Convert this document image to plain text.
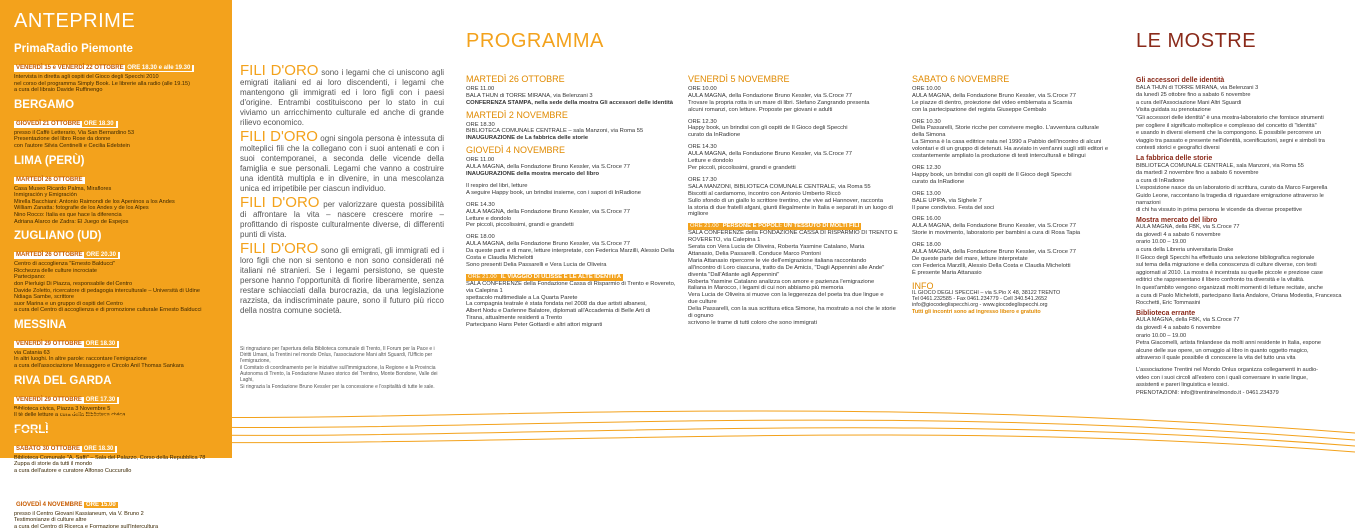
ANTEPRIME
PrimaRadio Piemonte
VENERDÌ 15 e VENERDÌ 22 OTTOBRE ORE 18.30 e alle 19.30
Intervista in diretta agli ospiti del Gioco degli Specchi 2010
nel corso del programma Simply Book. Le librerie alla radio (alle 19.15)
a cura del libraio Davide Ruffinengo
BERGAMO
GIOVEDÌ 21 OTTOBRE ORE 18.30
presso il Caffè Letterario, Via San Bernardino 53
Presentazione del libro Rose da donne
con l'autore Silvia Centinelli e Cecilia Edelstein
LIMA (PERÙ)
MARTEDÌ 26 OTTOBRE
Casa Museo Ricardo Palma, Miraflores
Inmigración y Emigración
Mirella Bacchiani: Antonio Raimondi de los Apeninos a los Andes
William Zanatta: fotografie de los Andes y de los Alpes
Nino Rocco: Italia es que hace la diferencia
Adriana Alarco de Zadra: El Juego de Espejos
ZUGLIANO (UD)
MARTEDÌ 26 OTTOBRE ORE 20.30
Centro di accoglienza "Ernesto Balducci"
Ricchezza delle culture incrociate
Partecipano:
don Pierluigi Di Piazza, responsabile del Centro
Davide Zoletto, ricercatore di pedagogia interculturale – Università di Udine
Ndiaga Sambe, scrittore
suor Marina e un gruppo di ospiti del Centro
a cura del Centro di accoglienza e di promozione culturale Ernesto Balducci
MESSINA
VENERDÌ 29 OTTOBRE ORE 18.30
via Catania 63
In altri luoghi. In altre parole: raccontare l'emigrazione
a cura dell'associazione Messaggero e Circolo Anil Thomas Sankara
RIVA DEL GARDA
VENERDÌ 29 OTTOBRE ORE 17.30
Biblioteca civica, Piazza 3 Novembre 5
Il tè delle letture a cura della Biblioteca civica
FORLÌ
SABATO 30 OTTOBRE ORE 18.30
Biblioteca Comunale "A. Saffi" – Sala del Palazzo, Corso della Repubblica 78
Zuppa di storie da tutti il mondo
a cura dell'autore e curatore Alfonso Cuccurullo
BRESSANONE (BZ)
GIOVEDÌ 4 NOVEMBRE ORE 15.00
presso il Centro Giovani Kassianeum, via V. Bruno 2
Testimonianze di culture altre
a cura del Centro di Ricerca e Formazione sull'Intercultura

FILI D'ORO sono i legami che ci uniscono agli emigrati italiani ed ai loro discendenti, i legami che mantengono gli immigrati ed i loro figli con i paesi d'origine. Entrambi costituiscono per lo stato in cui viviamo un arricchimento culturale ed anche di grande rilievo economico.

FILI D'ORO ogni singola persona è intessuta di molteplici fili che la collegano con i suoi antenati e con i suoi contemporanei, a seconda delle vicende della famiglia e sue personali. Legami che vanno a costruire una identità multipla e in divenire, in una mescolanza unica ed irripetibile per ciascun individuo.

FILI D'ORO per valorizzare questa possibilità di affrontare la vita – nascere crescere morire – profittando di risposte culturalmente diverse, di differenti punti di vista.

FILI D'ORO sono gli emigrati, gli immigrati ed i loro figli che non si sentono e non sono considerati né italiani né stranieri. Se i legami persistono, se queste persone hanno l'opportunità di fiorire liberamente, senza restare schiacciati dalla burocrazia, da una legislazione razzista, da indiscriminate paure, sono il futuro più ricco della nostra comune società.

Si ringraziano per l'apertura della Biblioteca comunale di Trento, Il Forum per la Pace e i Diritti Umani, la Trentini nel mondo Onlus, l'associazione Mani altri Sguardi, l'Ufficio per l'emigrazione,

il Comitato di coordinamento per le iniziative sull'immigrazione, la Regione e la Provincia Autonoma di Trento, la Fondazione Museo storico del Trentino, Monte Bondone, Valle dei Laghi,

Si ringrazia la Fondazione Bruno Kessler per la concessione e l'ospitalità di tutte le sale.

PROGRAMMA
MARTEDÌ 26 OTTOBRE
ORE 11.00
BALA THUN di TORRE MIRANA, via Belenzani 3
CONFERENZA STAMPA, nella sede della mostra Gli accessori delle identità
MARTEDÌ 2 NOVEMBRE
ORE 18.30
BIBLIOTECA COMUNALE CENTRALE – sala Manzoni, via Roma 55
INAUGURAZIONE de La fabbrica delle storie
GIOVEDÌ 4 NOVEMBRE
ORE 11.00
AULA MAGNA, della Fondazione Bruno Kessler, via S.Croce 77
INAUGURAZIONE della mostra mercato del libro
Il respiro del libri, letture
A seguire Happy book, un brindisi insieme, con i sapori di InRadione
ORE 14.30
AULA MAGNA, della Fondazione Bruno Kessler, via S.Croce 77
Letture e dondolo
Per piccoli, piccolissimi, grandi e grandetti
ORE 18.00
AULA MAGNA, della Fondazione Bruno Kessler, via S.Croce 77
Da queste parti e di mare, letture interpretate, con Federica Marzilli, Alessio Della Costa e Claudia Michelotti
Sono presenti Delia Passarelli e Vera Lucia de Oliveira
ORE 21.00 IL VIAGGIO DI ULISSE E LE ALTE IDENTITÀ
SALA CONFERENZE della Fondazione Cassa di Risparmio di Trento e Rovereto, via Calepina 1
spettacolo multimediale a La Quarta Parete
La compagnia teatrale è stata fondata nel 2008 da due artisti albanesi,
Albert Nodu e Darlenne Balatore, diplomati all'Accademia di Belle Arti di
Tirana, attualmente residenti a Trento
Partecipano Hans Peter Gottardi e altri attori migranti
VENERDÌ 5 NOVEMBRE
ORE 10.00
AULA MAGNA, della Fondazione Bruno Kessler, via S.Croce 77
Trovare la propria rotta in un mare di libri. Stefano Zangrando presenta
alcuni romanzi, con letture. Proposte per giovani e adulti
ORE 12.30
Happy book, un brindisi con gli ospiti de Il Gioco degli Specchi
curato da InRadione
ORE 14.30
AULA MAGNA, della Fondazione Bruno Kessler, via S.Croce 77
Letture e dondolo
Per piccoli, piccolissimi, grandi e grandetti
ORE 17.30
SALA MANZONI, BIBLIOTECA COMUNALE CENTRALE, via Roma 55
Biscotti al cardamomo, incontro con Antonio Umberto Riccò
Sullo sfondo di un giallo lo scrittore trentino, che vive ad Hannover, racconta
la storia di due fratelli afgani, giunti illegalmente in Italia e separati in un luogo di
migliore
ORE 21.00 PERSONE E POPOLI: UN TESSUTO DI MOLTI FILI
SALA CONFERENZE della FONDAZIONE CASSA DI RISPARMIO DI TRENTO E
ROVERETO, via Calepina 1
Serata con Vera Lucia de Oliveira, Roberta Yasmine Catalano, Maria
Attanasio, Delia Passarelli. Conduce Marco Pontoni
Maria Attanasio ripercorre le vie dell'emigrazione italiana raccontando
all'incontro di Loro ciascuna, tratto da De Amicis, "Dagli Appennini alle Ande"
diventa "Dall'Atlante agli Appennini"
Roberta Yasmine Catalano analizza con amore e pazienza l'emigrazione
italiana in Marocco, i legami di cui non abbiamo più memoria
Vera Lucia de Oliveira si muove con la leggerezza del poeta tra due lingue e
due culture
Delia Passarelli, con la sua scrittura etica Simone, ha mostrato a noi che le storie di ognuno
scrivono le trame di tutti coloro che sono immigrati
SABATO 6 NOVEMBRE
ORE 10.00
AULA MAGNA, della Fondazione Bruno Kessler, via S.Croce 77
Le piazze di dentro, proiezione del video emblemata a Scarnia
con la partecipazione del regista Giuseppe Cembalo
ORE 10.30
Delia Passarelli, Storie ricche per convivere meglio. L'avventura culturale
della Simona
La Simona è la casa editrice nata nel 1990 a Pabbio dell'incontro di alcuni
volontari e di un gruppo di detenuti. Ha avviato in vent'anni sugli stili editori e
costantemente ampliato la produzione di testi interculturali e bilingui
ORE 12.30
Happy book, un brindisi con gli ospiti de Il Gioco degli Specchi
curato da InRadione
ORE 13.00
BALE UPIPA, via Sighele 7
Il pane condiviso. Festa del soci
ORE 16.00
AULA MAGNA, della Fondazione Bruno Kessler, via S.Croce 77
Storie in movimento, laboratorio per bambini a cura di Rosa Tapia
ORE 18.00
AULA MAGNA, della Fondazione Bruno Kessler, via S.Croce 77
De queste parte del mare, letture interpretate
con Federica Marzilli, Alessio Della Costa e Claudia Michelotti
È presente Maria Attanasio
INFO
IL GIOCO DEGLI SPECCHI – via S.Pio X 48, 38122 TRENTO
Tel 0461.232585 - Fax 0461.234779 - Cell 340.541.2652
info@giocodeglispecchi.org - www.giocodeglispecchi.org
Tutti gli incontri sono ad ingresso libero e gratuito
LE MOSTRE
Gli accessori delle identità

BALA THUN di TORRE MIRANA, via Belenzani 3

da lunedì 25 ottobre fino a sabato 6 novembre

a cura dell'Associazione Mani Altri Sguardi

Visita guidata su prenotazione

"Gli accessori delle identità" è una mostra-laboratorio che fornisce strumenti

per cogliere il significato molteplice e complesso del concetto di "identità"

e usando in diversi elementi che la compongono. È possibile percorrere un

viaggio tra passato e presente nell'identità, scenificazioni, segni e simboli tra

contesti storici e geografici diversi

La fabbrica delle storie

BIBLIOTECA COMUNALE CENTRALE, sala Manzoni, via Roma 55

da martedì 2 novembre fino a sabato 6 novembre

a cura di InRadione

L'esposizione nasce da un laboratorio di scrittura, curato da Marco Fargerella

Guido Leone, raccontano la tragedia di riguardare emigrazione attraverso le narrazioni

di chi ha vissuto in prima persona le vicende da diverse prospettive

Mostra mercato del libro

AULA MAGNA, della FBK, via S.Croce 77

da giovedì 4 a sabato 6 novembre

orario 10.00 – 19.00

a cura della Libreria universitaria Drake

Il Gioco degli Specchi ha effettuato una selezione bibliografica regionale

sul tema della migrazione e della conoscenza di culture diverse, con testi

aggiornati al 2010. La mostra è incentrata su quelle piccole e preziose case

editrici che rappresentano il libero confronto tra diversità e la vitalità.

In quest'ambito vengono organizzati molti momenti di letture recitate, anche

a cura di Paolo Michelotti, partecipano Ilaria Andalore, Oriana Modestia, Francesca

Rocchetti, Eric Tommasini

Biblioteca errante

AULA MAGNA, della FBK, via S.Croce 77

da giovedì 4 a sabato 6 novembre

orario 10.00 – 19.00

Petra Giacomelli, artista finlandese da molti anni residente in Italia, espone

alcune delle sue opere, un omaggio al libro in quanto oggetto magico,

attraverso il quale possibile di conoscere la vita del tutto una vita

L'associazione Trentini nel Mondo Onlus organizza collegamenti in audio-

video con i suoi circoli all'estero con i quali conversare in varie lingue,

assistenti e pareri linguistica e lessici.

PRENOTAZIONI: info@trentininelmondo.it - 0461.234379
